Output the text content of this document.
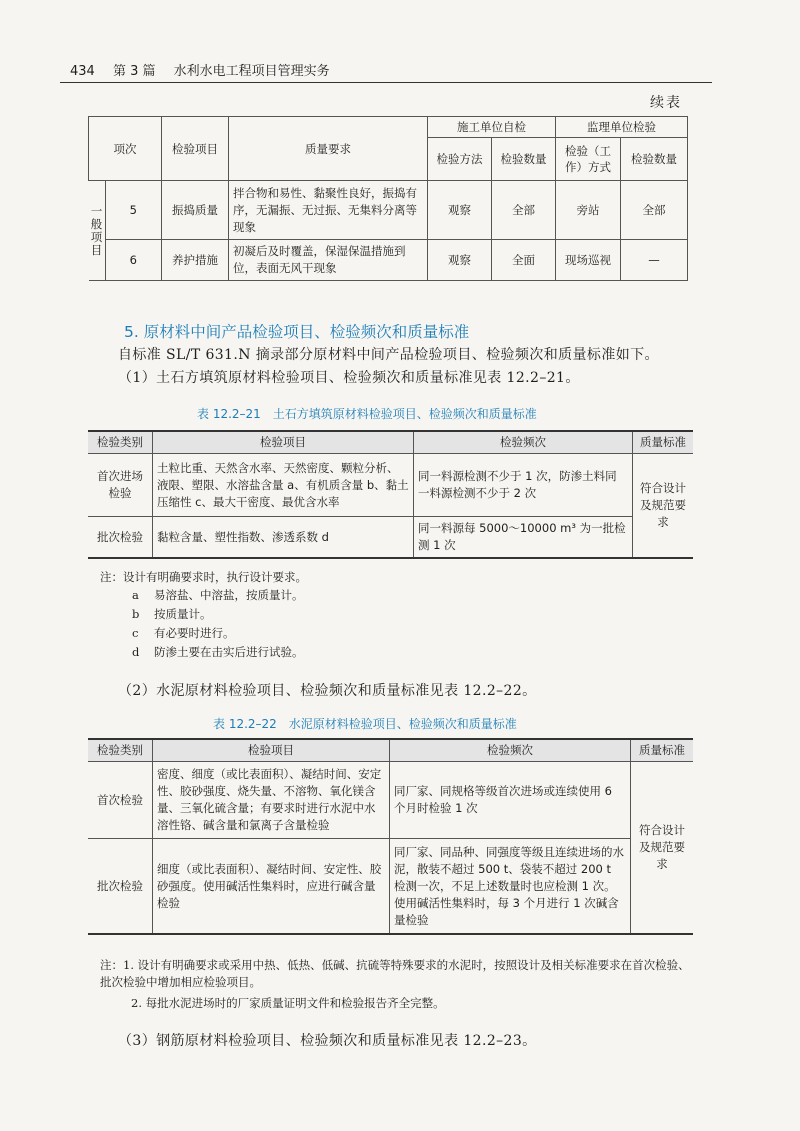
434 第 3 篇 水利水电工程项目管理实务
续表
项次		检验项目	质量要求	施工单位自检		监理单位检验	
				检验方法	检验数量	检验（工作）方式	检验数量
一般项目	5	振捣质量	拌合物和易性、黏聚性良好，振捣有序，无漏振、无过振、无集料分离等现象	观察	全部	旁站	全部
	6	养护措施	初凝后及时覆盖，保湿保温措施到位，表面无风干现象	观察	全面	现场巡视	—
5. 原材料中间产品检验项目、检验频次和质量标准
自标准 SL/T 631.N 摘录部分原材料中间产品检验项目、检验频次和质量标准如下。
（1）土石方填筑原材料检验项目、检验频次和质量标准见表 12.2–21。
表 12.2–21　土石方填筑原材料检验项目、检验频次和质量标准
检验类别	检验项目	检验频次	质量标准
首次进场检验	土粒比重、天然含水率、天然密度、颗粒分析、液限、塑限、水溶盐含量 a、有机质含量 b、黏土压缩性 c、最大干密度、最优含水率	同一料源检测不少于 1 次，防渗土料同一料源检测不少于 2 次	符合设计及规范要求
批次检验	黏粒含量、塑性指数、渗透系数 d	同一料源每 5000～10000 m³ 为一批检测 1 次	
注：设计有明确要求时，执行设计要求。
a 易溶盐、中溶盐，按质量计。
b 按质量计。
c 有必要时进行。
d 防渗土要在击实后进行试验。
（2）水泥原材料检验项目、检验频次和质量标准见表 12.2–22。
表 12.2–22　水泥原材料检验项目、检验频次和质量标准
检验类别	检验项目	检验频次	质量标准
首次检验	密度、细度（或比表面积）、凝结时间、安定性、胶砂强度、烧失量、不溶物、氧化镁含量、三氧化硫含量；有要求时进行水泥中水溶性铬、碱含量和氯离子含量检验	同厂家、同规格等级首次进场或连续使用 6 个月时检验 1 次	符合设计及规范要求
批次检验	细度（或比表面积）、凝结时间、安定性、胶砂强度。使用碱活性集料时，应进行碱含量检验	同厂家、同品种、同强度等级且连续进场的水泥，散装不超过 500 t、袋装不超过 200 t 检测一次，不足上述数量时也应检测 1 次。使用碱活性集料时，每 3 个月进行 1 次碱含量检验	
注：1. 设计有明确要求或采用中热、低热、低碱、抗硫等特殊要求的水泥时，按照设计及相关标准要求在首次检验、批次检验中增加相应检验项目。
2. 每批水泥进场时的厂家质量证明文件和检验报告齐全完整。
（3）钢筋原材料检验项目、检验频次和质量标准见表 12.2–23。
